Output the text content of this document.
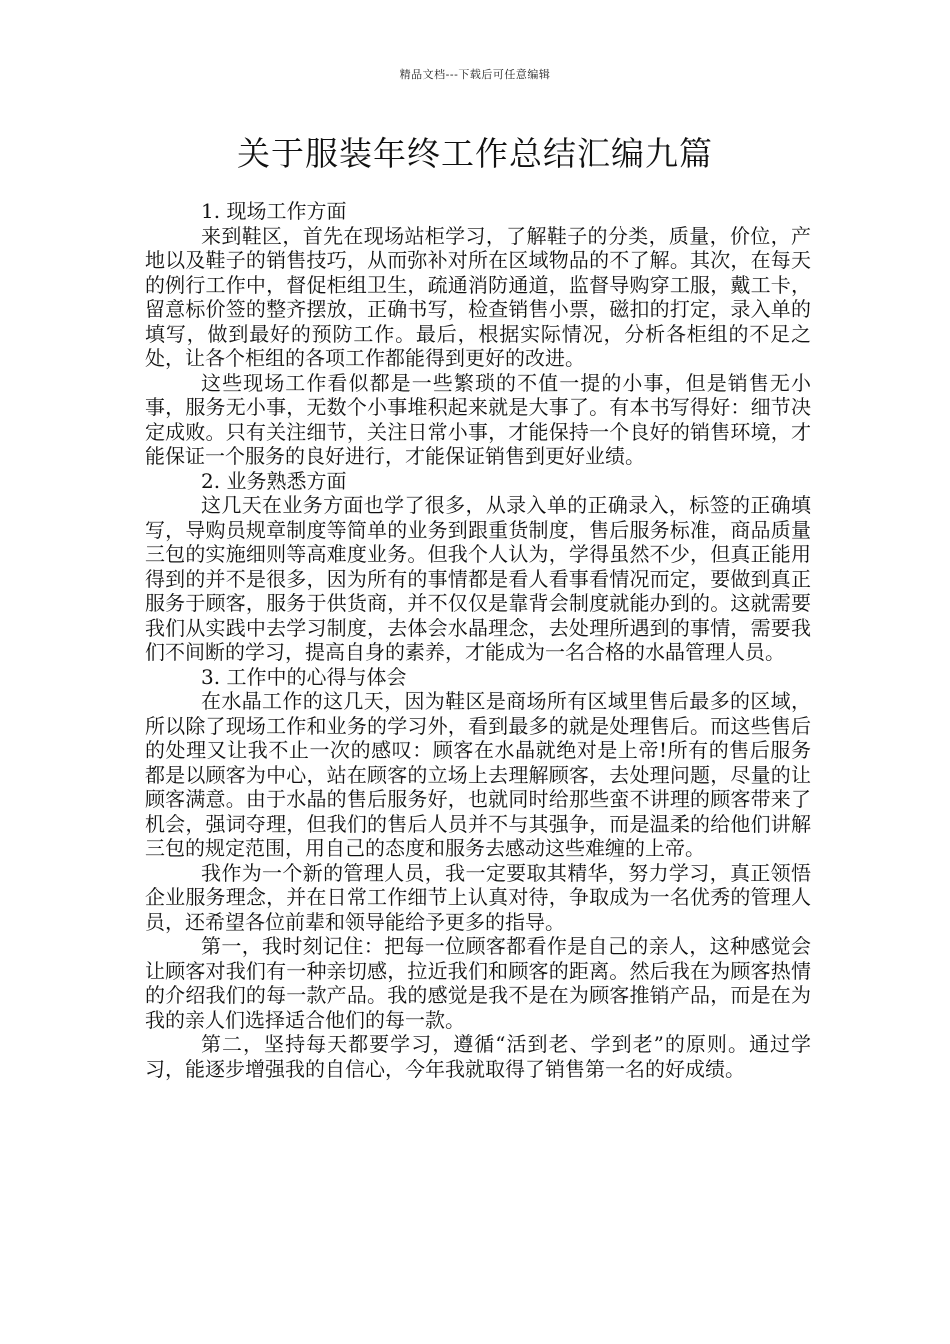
精品文档---下载后可任意编辑
关于服装年终工作总结汇编九篇

1. 现场工作方面

来到鞋区，首先在现场站柜学习，了解鞋子的分类，质量，价位，产地以及鞋子的销售技巧，从而弥补对所在区域物品的不了解。其次，在每天的例行工作中，督促柜组卫生，疏通消防通道，监督导购穿工服，戴工卡，留意标价签的整齐摆放，正确书写，检查销售小票，磁扣的打定，录入单的填写，做到最好的预防工作。最后，根据实际情况，分析各柜组的不足之处，让各个柜组的各项工作都能得到更好的改进。

这些现场工作看似都是一些繁琐的不值一提的小事，但是销售无小事，服务无小事，无数个小事堆积起来就是大事了。有本书写得好：细节决定成败。只有关注细节，关注日常小事，才能保持一个良好的销售环境，才能保证一个服务的良好进行，才能保证销售到更好业绩。

2. 业务熟悉方面

这几天在业务方面也学了很多，从录入单的正确录入，标签的正确填写，导购员规章制度等简单的业务到跟重货制度，售后服务标准，商品质量三包的实施细则等高难度业务。但我个人认为，学得虽然不少，但真正能用得到的并不是很多，因为所有的事情都是看人看事看情况而定，要做到真正服务于顾客，服务于供货商，并不仅仅是靠背会制度就能办到的。这就需要我们从实践中去学习制度，去体会水晶理念，去处理所遇到的事情，需要我们不间断的学习，提高自身的素养，才能成为一名合格的水晶管理人员。

3. 工作中的心得与体会

在水晶工作的这几天，因为鞋区是商场所有区域里售后最多的区域，所以除了现场工作和业务的学习外，看到最多的就是处理售后。而这些售后的处理又让我不止一次的感叹：顾客在水晶就绝对是上帝!所有的售后服务都是以顾客为中心，站在顾客的立场上去理解顾客，去处理问题，尽量的让顾客满意。由于水晶的售后服务好，也就同时给那些蛮不讲理的顾客带来了机会，强词夺理，但我们的售后人员并不与其强争，而是温柔的给他们讲解三包的规定范围，用自己的态度和服务去感动这些难缠的上帝。

我作为一个新的管理人员，我一定要取其精华，努力学习，真正领悟企业服务理念，并在日常工作细节上认真对待，争取成为一名优秀的管理人员，还希望各位前辈和领导能给予更多的指导。

第一，我时刻记住：把每一位顾客都看作是自己的亲人，这种感觉会让顾客对我们有一种亲切感，拉近我们和顾客的距离。然后我在为顾客热情的介绍我们的每一款产品。我的感觉是我不是在为顾客推销产品，而是在为我的亲人们选择适合他们的每一款。

第二，坚持每天都要学习，遵循“活到老、学到老”的原则。通过学习，能逐步增强我的自信心，今年我就取得了销售第一名的好成绩。
